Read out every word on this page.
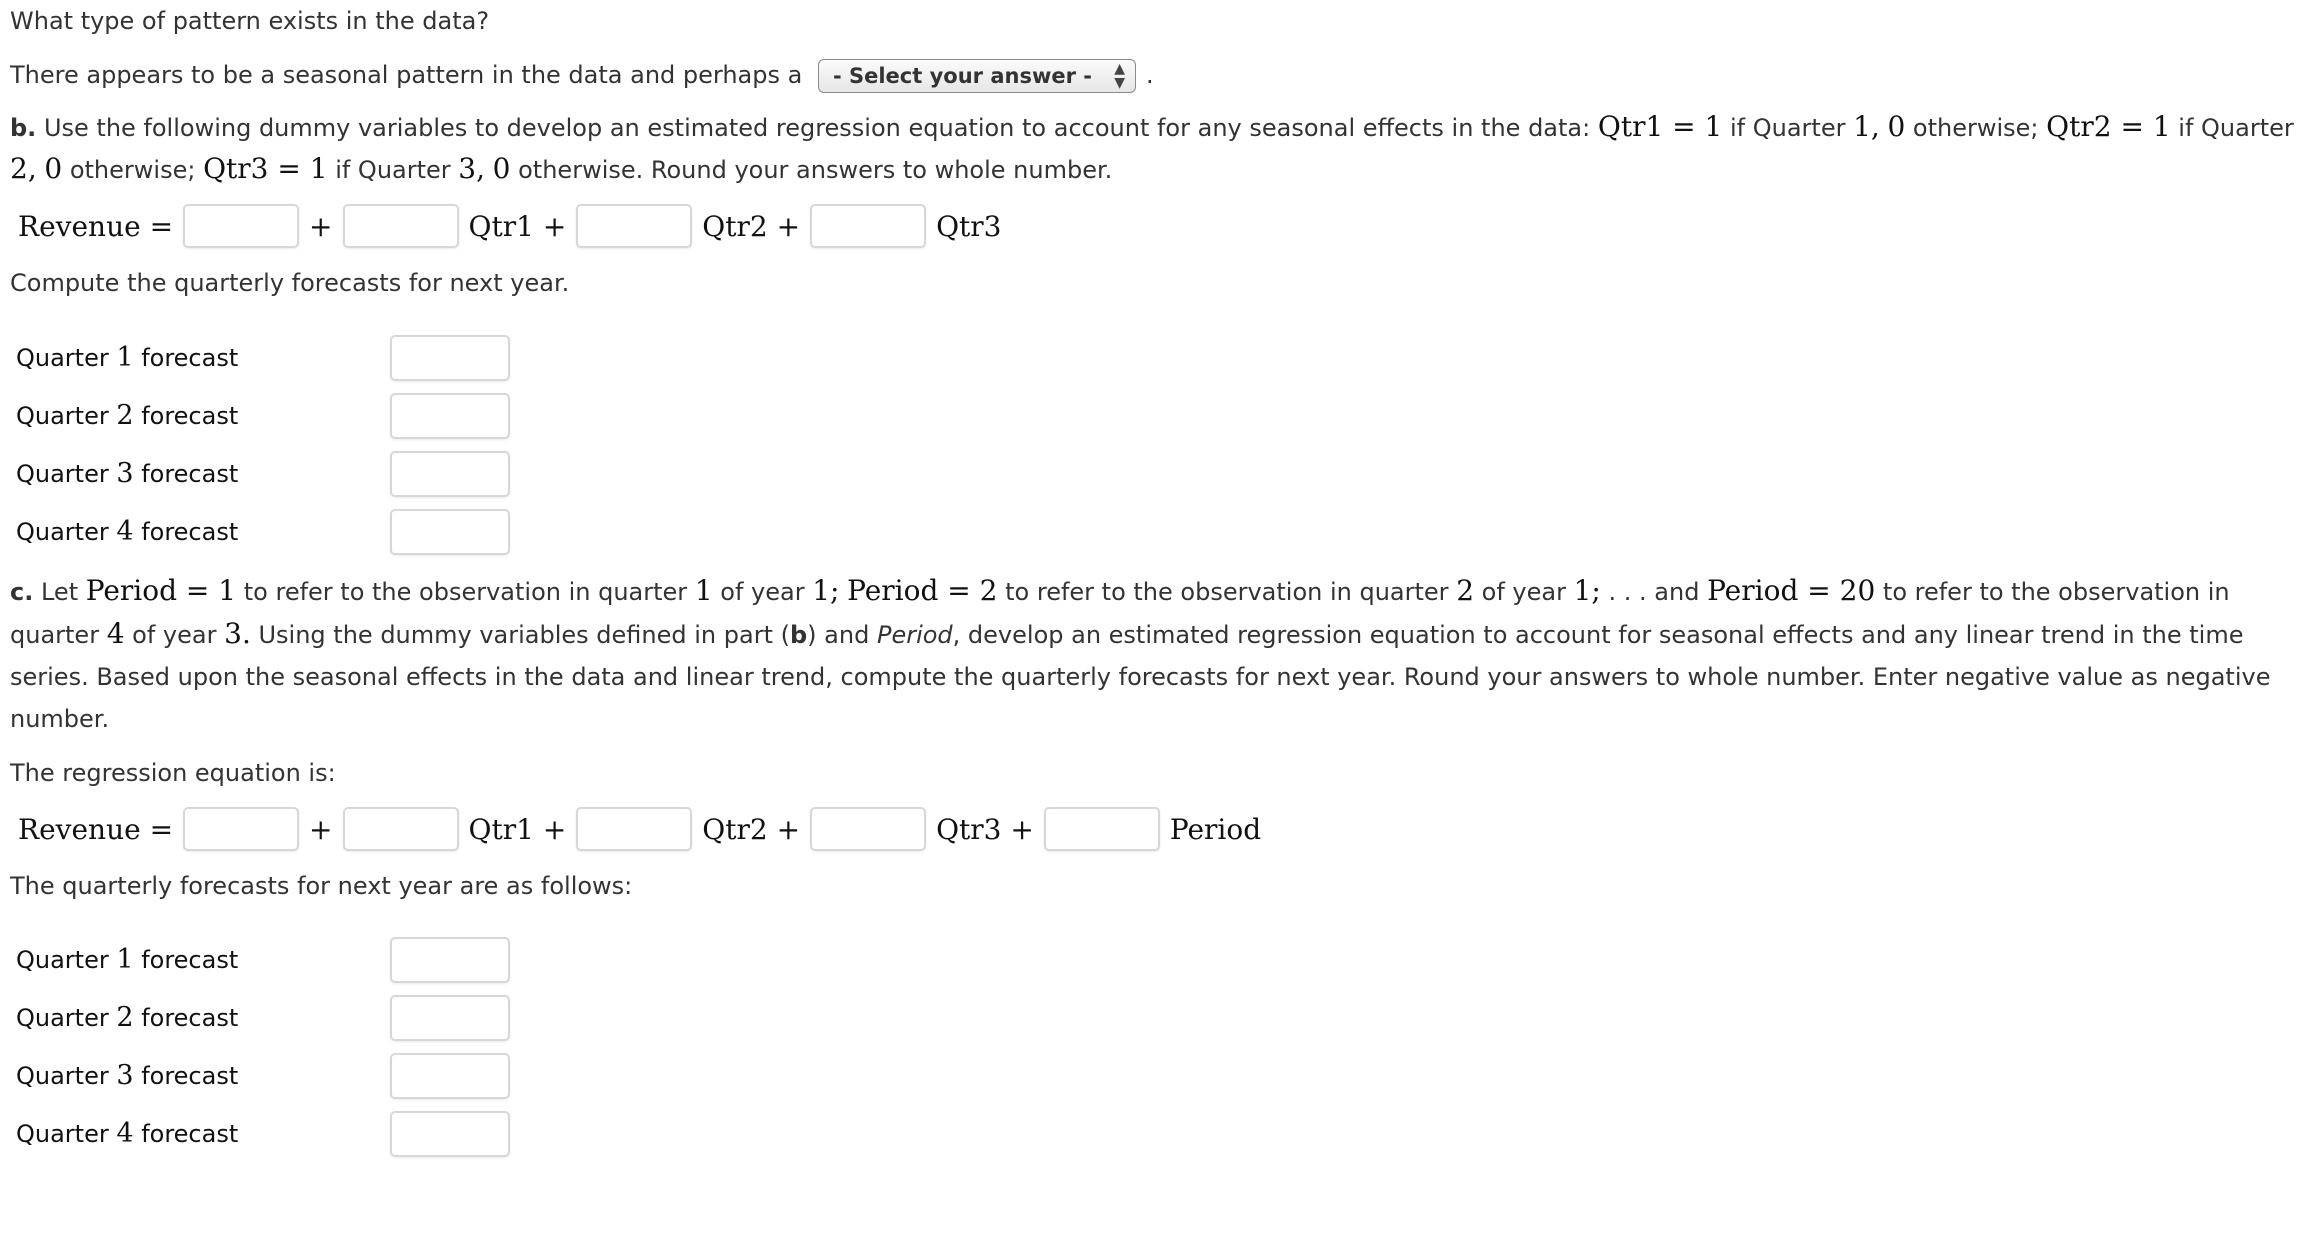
What type of pattern exists in the data?
There appears to be a seasonal pattern in the data and perhaps a - Select your answer - ▲
▼ .
b. Use the following dummy variables to develop an estimated regression equation to account for any seasonal effects in the data: Qtr1 = 1 if Quarter 1, 0 otherwise; Qtr2 = 1 if Quarter
2, 0 otherwise; Qtr3 = 1 if Quarter 3, 0 otherwise. Round your answers to whole number.
Revenue =	+	Qtr1 +	Qtr2 +	Qtr3
Compute the quarterly forecasts for next year.
Quarter 1 forecast
Quarter 2 forecast
Quarter 3 forecast
Quarter 4 forecast
c. Let Period = 1 to refer to the observation in quarter 1 of year 1; Period = 2 to refer to the observation in quarter 2 of year 1; . . . and Period = 20 to refer to the observation in
quarter 4 of year 3. Using the dummy variables defined in part (b) and Period, develop an estimated regression equation to account for seasonal effects and any linear trend in the time
series. Based upon the seasonal effects in the data and linear trend, compute the quarterly forecasts for next year. Round your answers to whole number. Enter negative value as negative
number.
The regression equation is:
Revenue =	+	Qtr1 +	Qtr2 +	Qtr3 +	Period
The quarterly forecasts for next year are as follows:
Quarter 1 forecast
Quarter 2 forecast
Quarter 3 forecast
Quarter 4 forecast
